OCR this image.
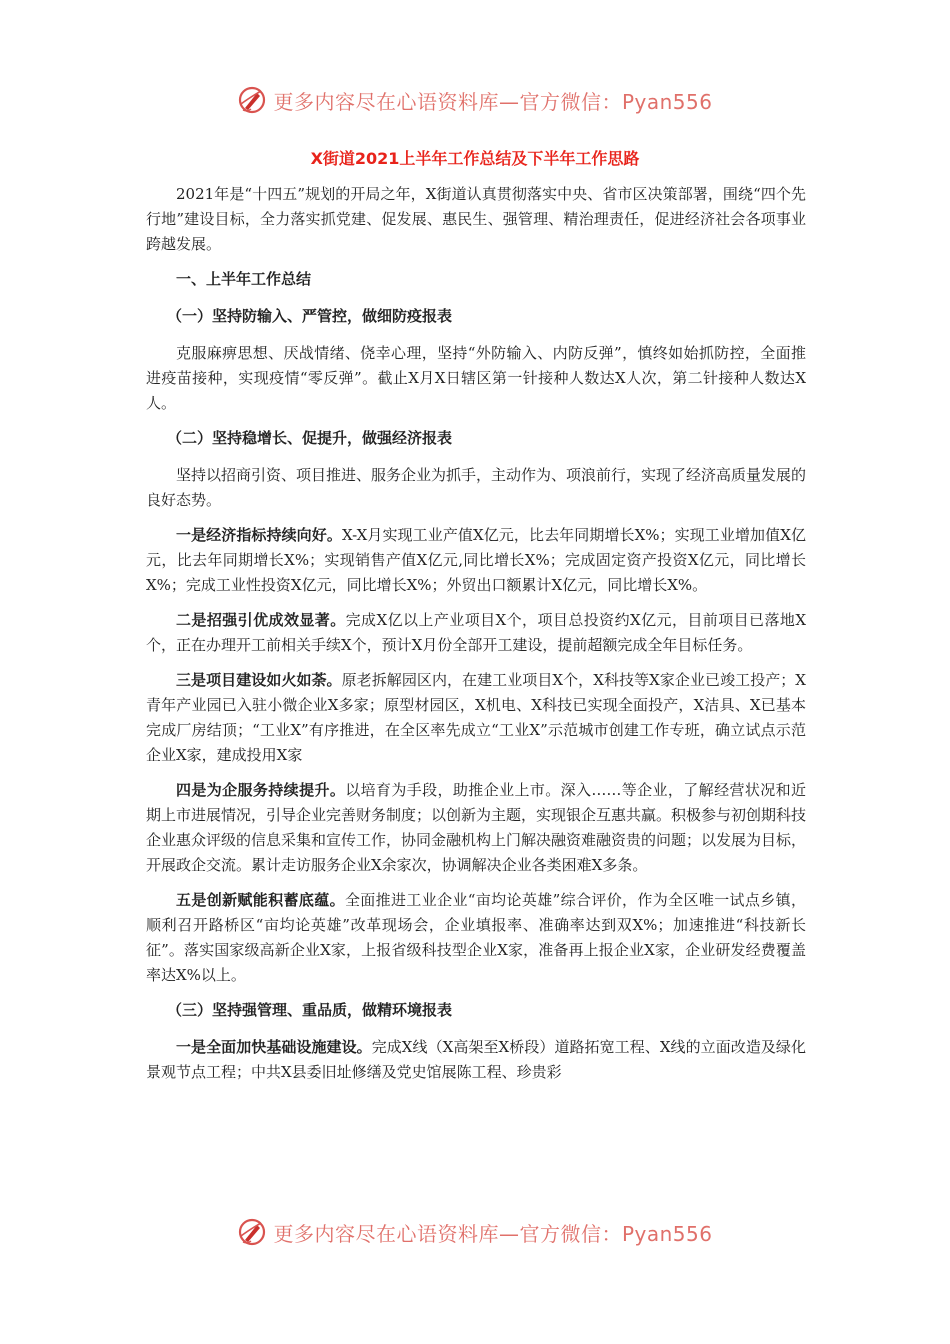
更多内容尽在心语资料库—官方微信：Pyan556
X街道2021上半年工作总结及下半年工作思路

2021年是“十四五”规划的开局之年，X街道认真贯彻落实中央、省市区决策部署，围绕“四个先行地”建设目标，全力落实抓党建、促发展、惠民生、强管理、精治理责任，促进经济社会各项事业跨越发展。

一、上半年工作总结

（一）坚持防输入、严管控，做细防疫报表

克服麻痹思想、厌战情绪、侥幸心理，坚持“外防输入、内防反弹”，慎终如始抓防控，全面推进疫苗接种，实现疫情“零反弹”。截止X月X日辖区第一针接种人数达X人次，第二针接种人数达X人。

（二）坚持稳增长、促提升，做强经济报表

坚持以招商引资、项目推进、服务企业为抓手，主动作为、项浪前行，实现了经济高质量发展的良好态势。

一是经济指标持续向好。X-X月实现工业产值X亿元，比去年同期增长X%；实现工业增加值X亿元，比去年同期增长X%；实现销售产值X亿元,同比增长X%；完成固定资产投资X亿元，同比增长X%；完成工业性投资X亿元，同比增长X%；外贸出口额累计X亿元，同比增长X%。

二是招强引优成效显著。完成X亿以上产业项目X个，项目总投资约X亿元，目前项目已落地X个，正在办理开工前相关手续X个，预计X月份全部开工建设，提前超额完成全年目标任务。

三是项目建设如火如荼。原老拆解园区内，在建工业项目X个，X科技等X家企业已竣工投产；X青年产业园已入驻小微企业X多家；原型材园区，X机电、X科技已实现全面投产，X洁具、X已基本完成厂房结顶；“工业X”有序推进，在全区率先成立“工业X”示范城市创建工作专班，确立试点示范企业X家，建成投用X家

四是为企服务持续提升。以培育为手段，助推企业上市。深入……等企业，了解经营状况和近期上市进展情况，引导企业完善财务制度；以创新为主题，实现银企互惠共赢。积极参与初创期科技企业惠众评级的信息采集和宣传工作，协同金融机构上门解决融资难融资贵的问题；以发展为目标，开展政企交流。累计走访服务企业X余家次，协调解决企业各类困难X多条。

五是创新赋能积蓄底蕴。全面推进工业企业“亩均论英雄”综合评价，作为全区唯一试点乡镇，顺利召开路桥区“亩均论英雄”改革现场会，企业填报率、准确率达到双X%；加速推进“科技新长征”。落实国家级高新企业X家，上报省级科技型企业X家，准备再上报企业X家，企业研发经费覆盖率达X%以上。

（三）坚持强管理、重品质，做精环境报表

一是全面加快基础设施建设。完成X线（X高架至X桥段）道路拓宽工程、X线的立面改造及绿化景观节点工程；中共X县委旧址修缮及党史馆展陈工程、珍贵彩

更多内容尽在心语资料库—官方微信：Pyan556
